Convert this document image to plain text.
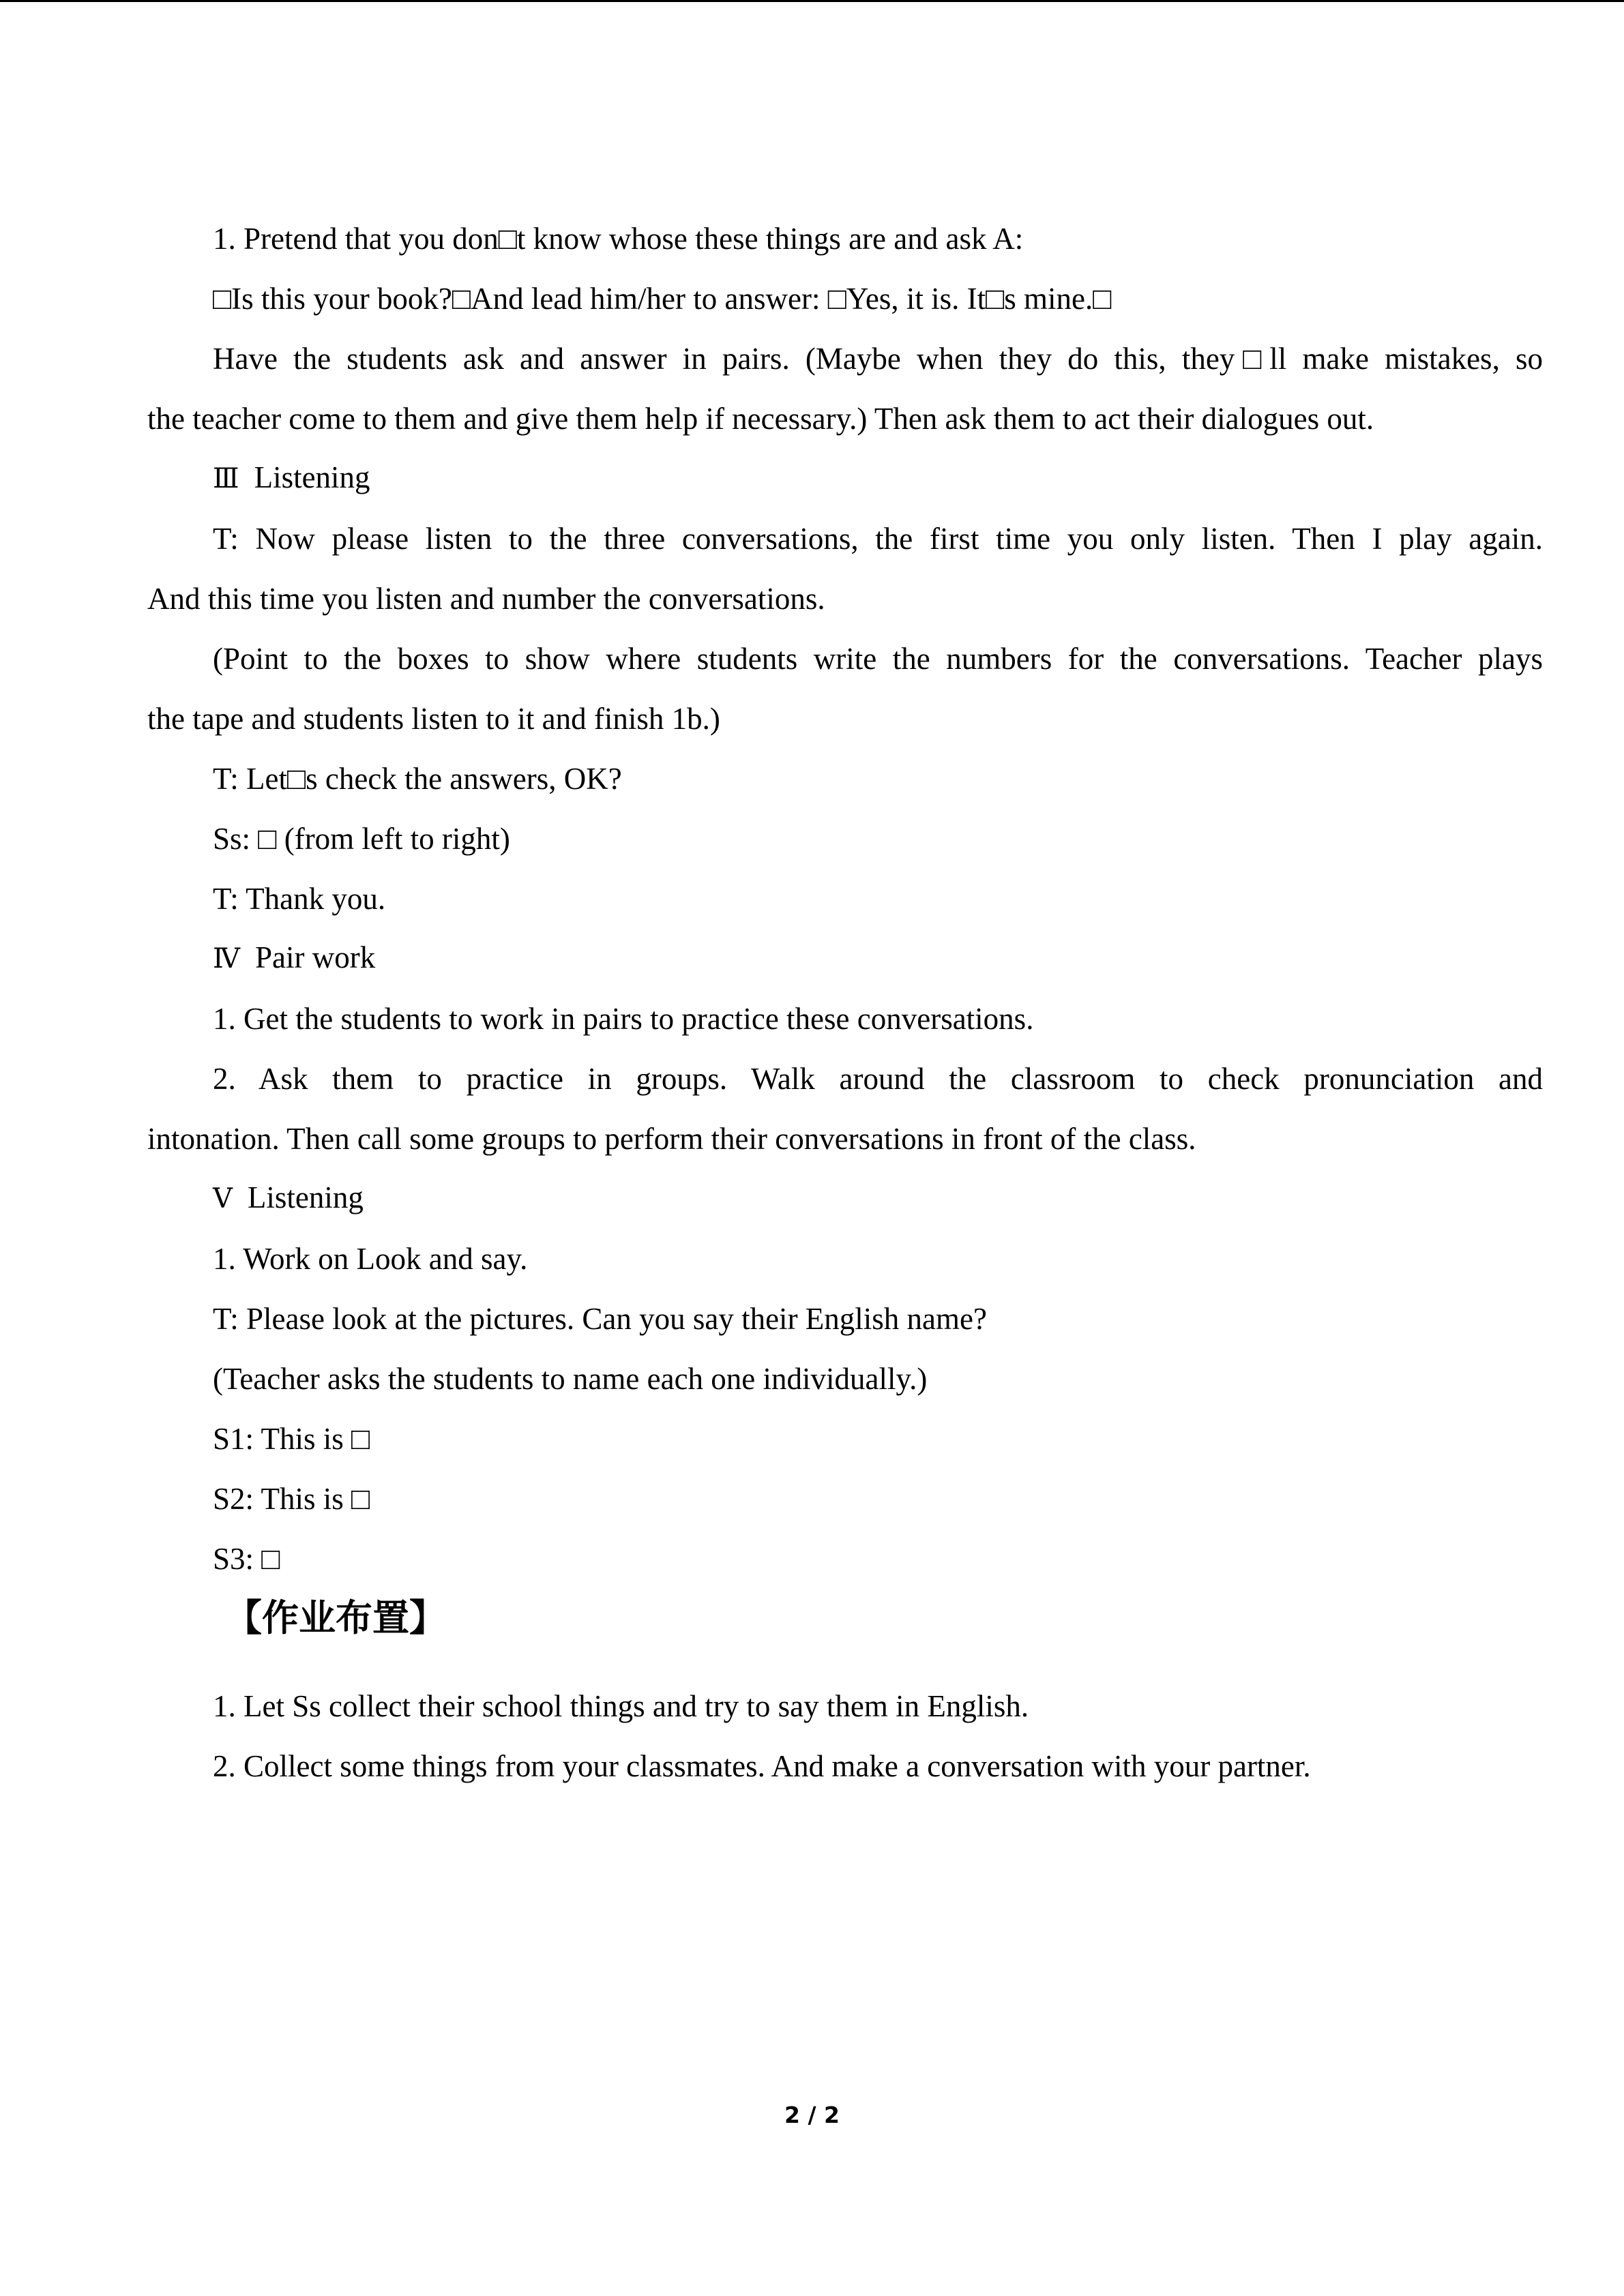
1. Pretend that you don□t know whose these things are and ask A:
□Is this your book?□And lead him/her to answer: □Yes, it is. It□s mine.□
Have the students ask and answer in pairs. (Maybe when they do this, they□ll make mistakes, so
the teacher come to them and give them help if necessary.) Then ask them to act their dialogues out.
Ⅲ Listening
T: Now please listen to the three conversations, the first time you only listen. Then I play again.
And this time you listen and number the conversations.
(Point to the boxes to show where students write the numbers for the conversations. Teacher plays
the tape and students listen to it and finish 1b.)
T: Let□s check the answers, OK?
Ss: □ (from left to right)
T: Thank you.
Ⅳ Pair work
1. Get the students to work in pairs to practice these conversations.
2. Ask them to practice in groups. Walk around the classroom to check pronunciation and
intonation. Then call some groups to perform their conversations in front of the class.
Ⅴ Listening
1. Work on Look and say.
T: Please look at the pictures. Can you say their English name?
(Teacher asks the students to name each one individually.)
S1: This is □
S2: This is □
S3: □
【作业布置】
1. Let Ss collect their school things and try to say them in English.
2. Collect some things from your classmates. And make a conversation with your partner.
2 / 2
